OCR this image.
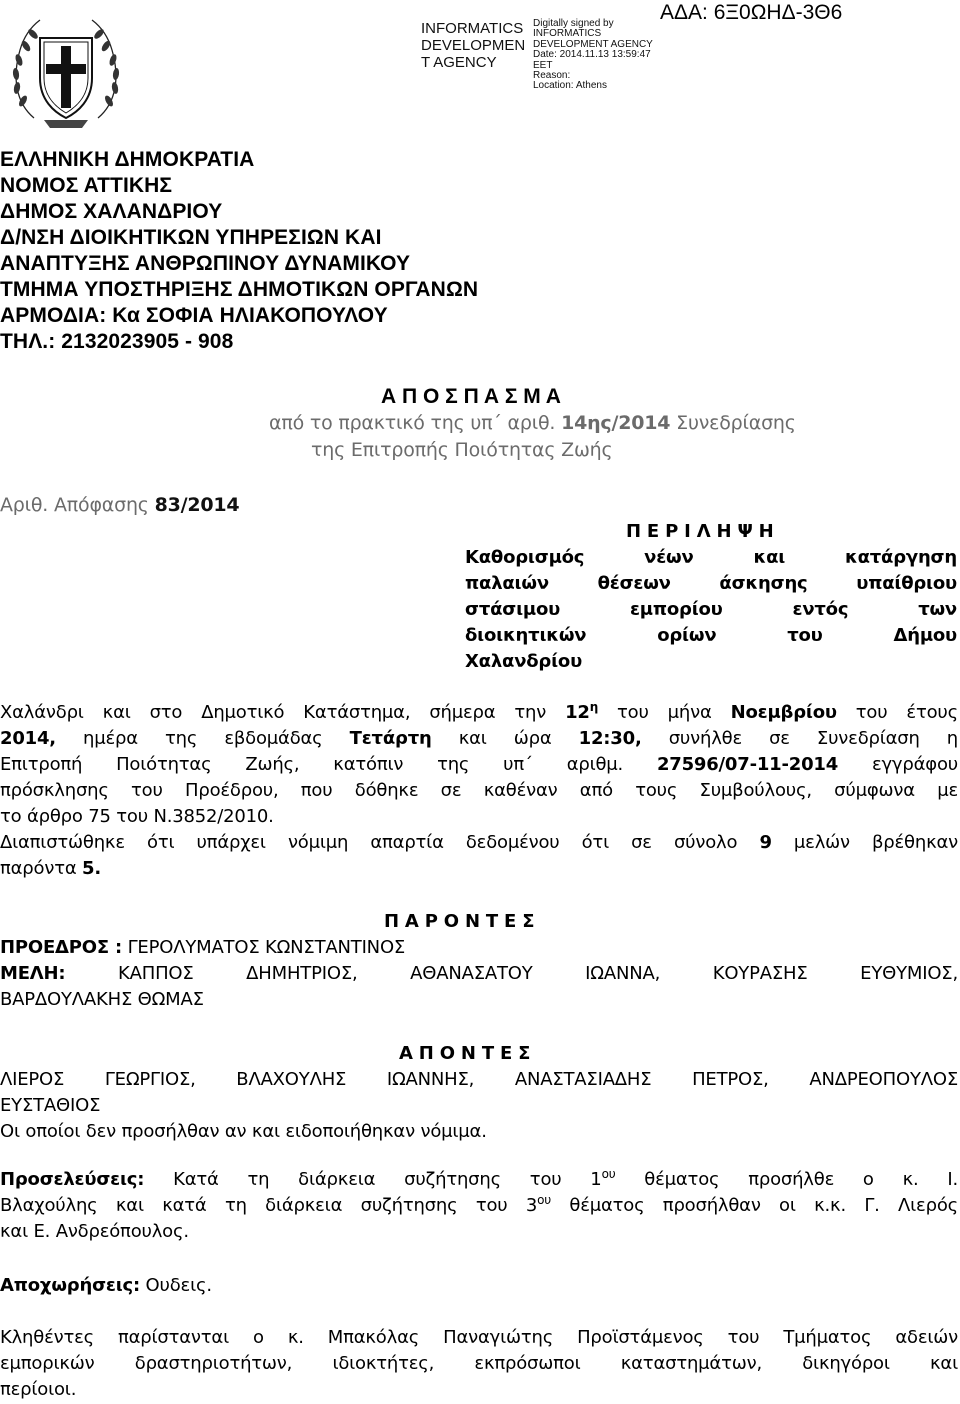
INFORMATICS
DEVELOPMEN
T AGENCY
Digitally signed by
INFORMATICS
DEVELOPMENT AGENCY
Date: 2014.11.13 13:59:47
EET
Reason:
Location: Athens
ΑΔΑ: 6Ξ0ΩΗΔ-3Θ6
ΕΛΛΗΝΙΚΗ ΔΗΜΟΚΡΑΤΙΑ
ΝΟΜΟΣ ΑΤΤΙΚΗΣ
ΔΗΜΟΣ ΧΑΛΑΝΔΡΙΟΥ
Δ/ΝΣΗ ΔΙΟΙΚΗΤΙΚΩΝ ΥΠΗΡΕΣΙΩΝ ΚΑΙ
ΑΝΑΠΤΥΞΗΣ ΑΝΘΡΩΠΙΝΟΥ ΔΥΝΑΜΙΚΟΥ
ΤΜΗΜΑ ΥΠΟΣΤΗΡΙΞΗΣ ΔΗΜΟΤΙΚΩΝ ΟΡΓΑΝΩΝ
ΑΡΜΟΔΙΑ: Κα ΣΟΦΙΑ ΗΛΙΑΚΟΠΟΥΛΟΥ
ΤΗΛ.: 2132023905 - 908
Α Π Ο Σ Π Α Σ Μ Α
από το πρακτικό της υπ΄ αριθ. 14ης/2014 Συνεδρίασης
της Επιτροπής Ποιότητας Ζωής
Αριθ. Απόφασης 83/2014
Π Ε Ρ Ι Λ Η Ψ Η
Καθορισμός νέων και κατάργηση
παλαιών θέσεων άσκησης υπαίθριου
στάσιμου εμπορίου εντός των
διοικητικών ορίων του Δήμου
Χαλανδρίου
Χαλάνδρι και στο Δημοτικό Κατάστημα, σήμερα την $12^\eta$ του μήνα Νοεμβρίου του έτους
2014, ημέρα της εβδομάδας Τετάρτη και ώρα 12:30, συνήλθε σε Συνεδρίαση η
Επιτροπή Ποιότητας Ζωής, κατόπιν της υπ΄ αριθμ. 27596/07-11-2014 εγγράφου
πρόσκλησης του Προέδρου, που δόθηκε σε καθέναν από τους Συμβούλους, σύμφωνα με
το άρθρο 75 του Ν.3852/2010.
Διαπιστώθηκε ότι υπάρχει νόμιμη απαρτία δεδομένου ότι σε σύνολο 9 μελών βρέθηκαν
παρόντα 5.
Π Α Ρ Ο Ν Τ Ε Σ
ΠΡΟΕΔΡΟΣ : ΓΕΡΟΛΥΜΑΤΟΣ ΚΩΝΣΤΑΝΤΙΝΟΣ
ΜΕΛΗ:	ΚΑΠΠΟΣ ΔΗΜΗΤΡΙΟΣ, ΑΘΑΝΑΣΑΤΟΥ ΙΩΑΝΝΑ, ΚΟΥΡΑΣΗΣ ΕΥΘΥΜΙΟΣ,
ΒΑΡΔΟΥΛΑΚΗΣ ΘΩΜΑΣ
Α Π Ο Ν Τ Ε Σ
ΛΙΕΡΟΣ ΓΕΩΡΓΙΟΣ, ΒΛΑΧΟΥΛΗΣ ΙΩΑΝΝΗΣ, ΑΝΑΣΤΑΣΙΑΔΗΣ ΠΕΤΡΟΣ, ΑΝΔΡΕΟΠΟΥΛΟΣ
ΕΥΣΤΑΘΙΟΣ
Οι οποίοι δεν προσήλθαν αν και ειδοποιήθηκαν νόμιμα.
Προσελεύσεις: Κατά τη διάρκεια συζήτησης του $1^{o\upsilon}$ θέματος προσήλθε ο κ. Ι.
Βλαχούλης και κατά τη διάρκεια συζήτησης του $3^{o\upsilon}$ θέματος προσήλθαν οι κ.κ. Γ. Λιερός
και Ε. Ανδρεόπουλος.
Αποχωρήσεις: Ουδεις.
Κληθέντες παρίστανται ο κ. Μπακόλας Παναγιώτης Προϊστάμενος του Τμήματος αδειών
εμπορικών δραστηριοτήτων, ιδιοκτήτες, εκπρόσωποι καταστημάτων, δικηγόροι και
περίοιοι.
